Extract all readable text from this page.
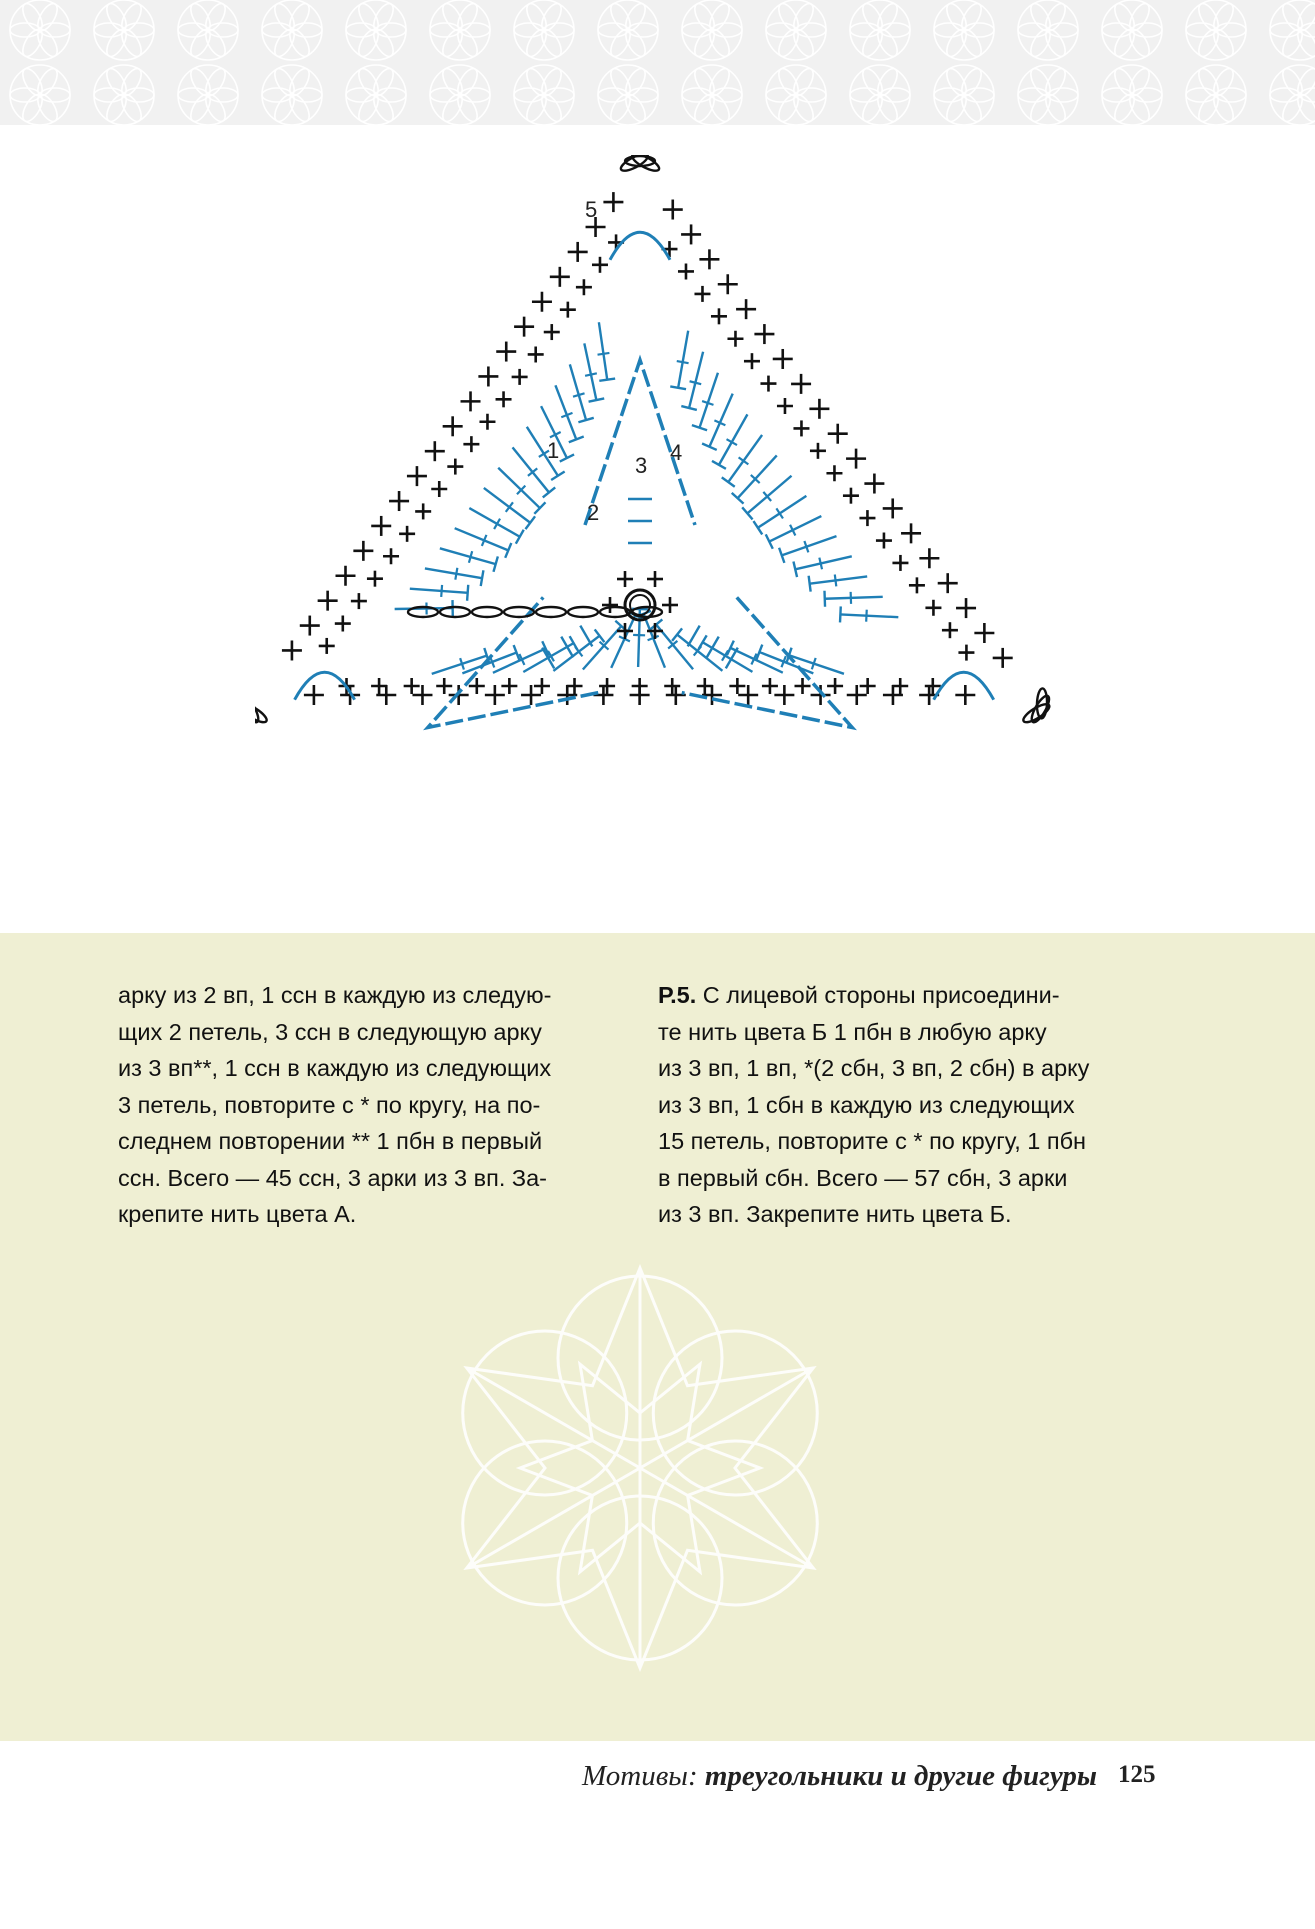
1
2
3
4
5

арку из 2 вп, 1 ссн в каждую из следую-

щих 2 петель, 3 ссн в следующую арку

из 3 вп**, 1 ссн в каждую из следующих

3 петель, повторите с * по кругу, на по-

следнем повторении ** 1 пбн в первый

ссн. Всего — 45 ссн, 3 арки из 3 вп. За-

крепите нить цвета А.

Р.5. С лицевой стороны присоедини-

те нить цвета Б 1 пбн в любую арку

из 3 вп, 1 вп, *(2 сбн, 3 вп, 2 сбн) в арку

из 3 вп, 1 сбн в каждую из следующих

15 петель, повторите с * по кругу, 1 пбн

в первый сбн. Всего — 57 сбн, 3 арки

из 3 вп. Закрепите нить цвета Б.

Мотивы: треугольники и другие фигуры 125
